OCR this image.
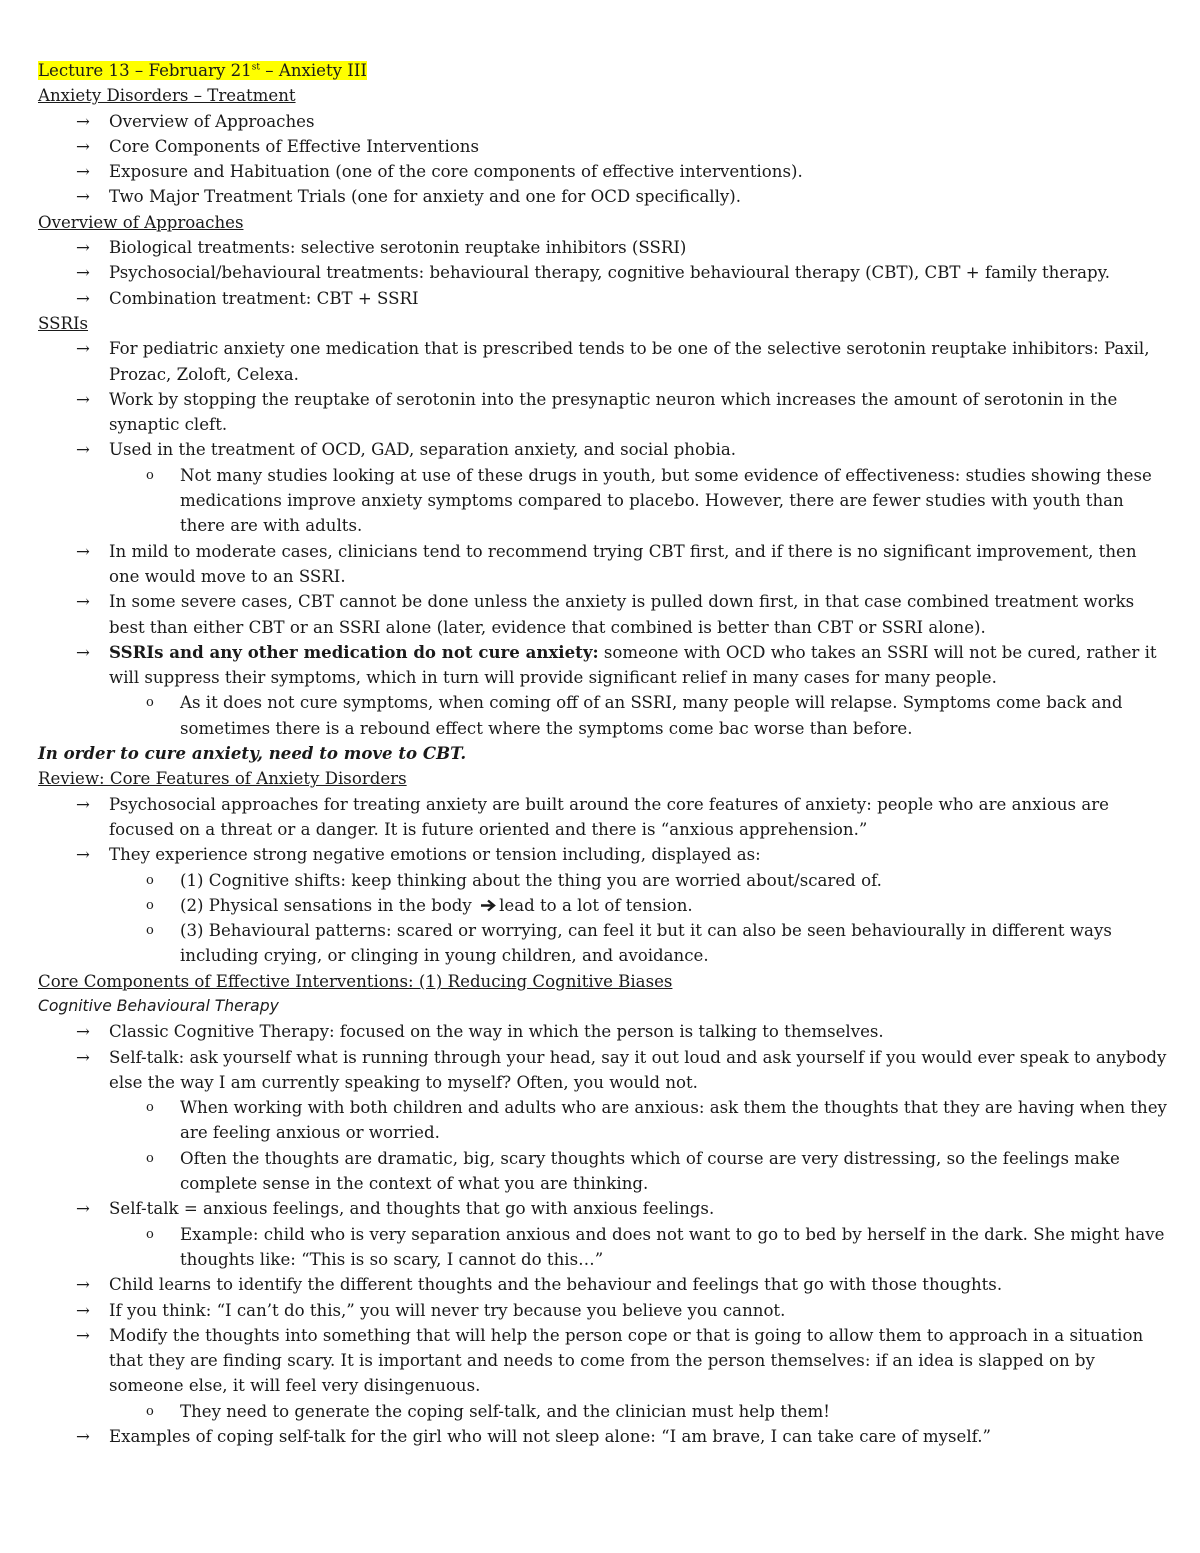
Lecture 13 – February 21st – Anxiety III
Anxiety Disorders – Treatment
→ Overview of Approaches
→ Core Components of Effective Interventions
→ Exposure and Habituation (one of the core components of effective interventions).
→ Two Major Treatment Trials (one for anxiety and one for OCD specifically).
Overview of Approaches
→ Biological treatments: selective serotonin reuptake inhibitors (SSRI)
→ Psychosocial/behavioural treatments: behavioural therapy, cognitive behavioural therapy (CBT), CBT + family therapy.
→ Combination treatment: CBT + SSRI
SSRIs
→ For pediatric anxiety one medication that is prescribed tends to be one of the selective serotonin reuptake inhibitors: Paxil, Prozac, Zoloft, Celexa.
→ Work by stopping the reuptake of serotonin into the presynaptic neuron which increases the amount of serotonin in the synaptic cleft.
→ Used in the treatment of OCD, GAD, separation anxiety, and social phobia.
o Not many studies looking at use of these drugs in youth, but some evidence of effectiveness: studies showing these medications improve anxiety symptoms compared to placebo. However, there are fewer studies with youth than there are with adults.
→ In mild to moderate cases, clinicians tend to recommend trying CBT first, and if there is no significant improvement, then one would move to an SSRI.
→ In some severe cases, CBT cannot be done unless the anxiety is pulled down first, in that case combined treatment works best than either CBT or an SSRI alone (later, evidence that combined is better than CBT or SSRI alone).
→ SSRIs and any other medication do not cure anxiety: someone with OCD who takes an SSRI will not be cured, rather it will suppress their symptoms, which in turn will provide significant relief in many cases for many people.
o As it does not cure symptoms, when coming off of an SSRI, many people will relapse. Symptoms come back and sometimes there is a rebound effect where the symptoms come bac worse than before.
In order to cure anxiety, need to move to CBT.
Review: Core Features of Anxiety Disorders
→ Psychosocial approaches for treating anxiety are built around the core features of anxiety: people who are anxious are focused on a threat or a danger. It is future oriented and there is “anxious apprehension.”
→ They experience strong negative emotions or tension including, displayed as:
o (1) Cognitive shifts: keep thinking about the thing you are worried about/scared of.
o (2) Physical sensations in the body lead to a lot of tension.
o (3) Behavioural patterns: scared or worrying, can feel it but it can also be seen behaviourally in different ways including crying, or clinging in young children, and avoidance.
Core Components of Effective Interventions: (1) Reducing Cognitive Biases
Cognitive Behavioural Therapy
→ Classic Cognitive Therapy: focused on the way in which the person is talking to themselves.
→ Self-talk: ask yourself what is running through your head, say it out loud and ask yourself if you would ever speak to anybody else the way I am currently speaking to myself? Often, you would not.
o When working with both children and adults who are anxious: ask them the thoughts that they are having when they are feeling anxious or worried.
o Often the thoughts are dramatic, big, scary thoughts which of course are very distressing, so the feelings make complete sense in the context of what you are thinking.
→ Self-talk = anxious feelings, and thoughts that go with anxious feelings.
o Example: child who is very separation anxious and does not want to go to bed by herself in the dark. She might have thoughts like: “This is so scary, I cannot do this…”
→ Child learns to identify the different thoughts and the behaviour and feelings that go with those thoughts.
→ If you think: “I can’t do this,” you will never try because you believe you cannot.
→ Modify the thoughts into something that will help the person cope or that is going to allow them to approach in a situation that they are finding scary. It is important and needs to come from the person themselves: if an idea is slapped on by someone else, it will feel very disingenuous.
o They need to generate the coping self-talk, and the clinician must help them!
→ Examples of coping self-talk for the girl who will not sleep alone: “I am brave, I can take care of myself.”
